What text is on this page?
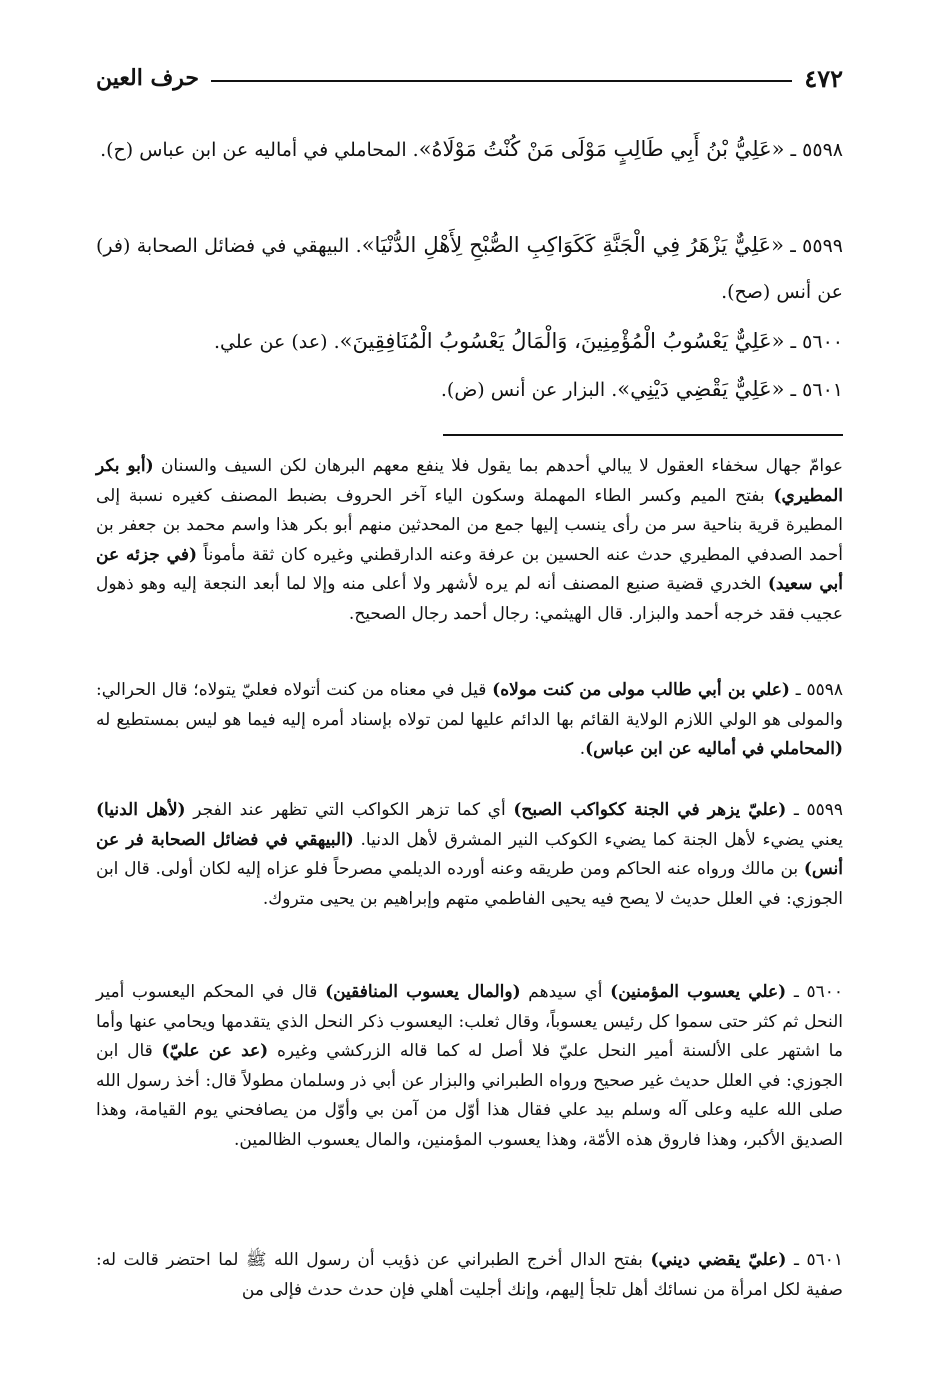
٤٧٢
حرف العين

٥٥٩٨ ـ «عَلِيُّ بْنُ أَبِي طَالِبٍ مَوْلَى مَنْ كُنْتُ مَوْلَاهُ». المحاملي في أماليه عن ابن عباس (ح).

٥٥٩٩ ـ «عَلِيٌّ يَزْهَرُ فِي الْجَنَّةِ كَكَوَاكِبِ الصُّبْحِ لِأَهْلِ الدُّنْيَا». البيهقي في فضائل الصحابة (فر) عن أنس (صح).

٥٦٠٠ ـ «عَلِيٌّ يَعْسُوبُ الْمُؤْمِنِينَ، وَالْمَالُ يَعْسُوبُ الْمُنَافِقِينَ». (عد) عن علي.

٥٦٠١ ـ «عَلِيٌّ يَقْضِي دَيْنِي». البزار عن أنس (ض).

عوامّ جهال سخفاء العقول لا يبالي أحدهم بما يقول فلا ينفع معهم البرهان لكن السيف والسنان (أبو بكر المطيري) بفتح الميم وكسر الطاء المهملة وسكون الياء آخر الحروف بضبط المصنف كغيره نسبة إلى المطيرة قرية بناحية سر من رأى ينسب إليها جمع من المحدثين منهم أبو بكر هذا واسم محمد بن جعفر بن أحمد الصدفي المطيري حدث عنه الحسين بن عرفة وعنه الدارقطني وغيره كان ثقة مأموناً (في جزئه عن أبي سعيد) الخدري قضية صنيع المصنف أنه لم يره لأشهر ولا أعلى منه وإلا لما أبعد النجعة إليه وهو ذهول عجيب فقد خرجه أحمد والبزار. قال الهيثمي: رجال أحمد رجال الصحيح.

٥٥٩٨ ـ (علي بن أبي طالب مولى من كنت مولاه) قيل في معناه من كنت أتولاه فعليّ يتولاه؛ قال الحرالي: والمولى هو الولي اللازم الولاية القائم بها الدائم عليها لمن تولاه بإسناد أمره إليه فيما هو ليس بمستطيع له (المحاملي في أماليه عن ابن عباس).

٥٥٩٩ ـ (عليّ يزهر في الجنة ككواكب الصبح) أي كما تزهر الكواكب التي تظهر عند الفجر (لأهل الدنيا) يعني يضيء لأهل الجنة كما يضيء الكوكب النير المشرق لأهل الدنيا. (البيهقي في فضائل الصحابة فر عن أنس) بن مالك ورواه عنه الحاكم ومن طريقه وعنه أورده الديلمي مصرحاً فلو عزاه إليه لكان أولى. قال ابن الجوزي: في العلل حديث لا يصح فيه يحيى الفاطمي متهم وإبراهيم بن يحيى متروك.

٥٦٠٠ ـ (علي يعسوب المؤمنين) أي سيدهم (والمال يعسوب المنافقين) قال في المحكم اليعسوب أمير النحل ثم كثر حتى سموا كل رئيس يعسوباً، وقال ثعلب: اليعسوب ذكر النحل الذي يتقدمها ويحامي عنها وأما ما اشتهر على الألسنة أمير النحل عليّ فلا أصل له كما قاله الزركشي وغيره (عد عن عليّ) قال ابن الجوزي: في العلل حديث غير صحيح ورواه الطبراني والبزار عن أبي ذر وسلمان مطولاً قال: أخذ رسول الله صلى الله عليه وعلى آله وسلم بيد علي فقال هذا أوّل من آمن بي وأوّل من يصافحني يوم القيامة، وهذا الصديق الأكبر، وهذا فاروق هذه الأمّة، وهذا يعسوب المؤمنين، والمال يعسوب الظالمين.

٥٦٠١ ـ (عليّ يقضي ديني) بفتح الدال أخرج الطبراني عن ذؤيب أن رسول الله ﷺ لما احتضر قالت له: صفية لكل امرأة من نسائك أهل تلجأ إليهم، وإنك أجليت أهلي فإن حدث حدث فإلى من
